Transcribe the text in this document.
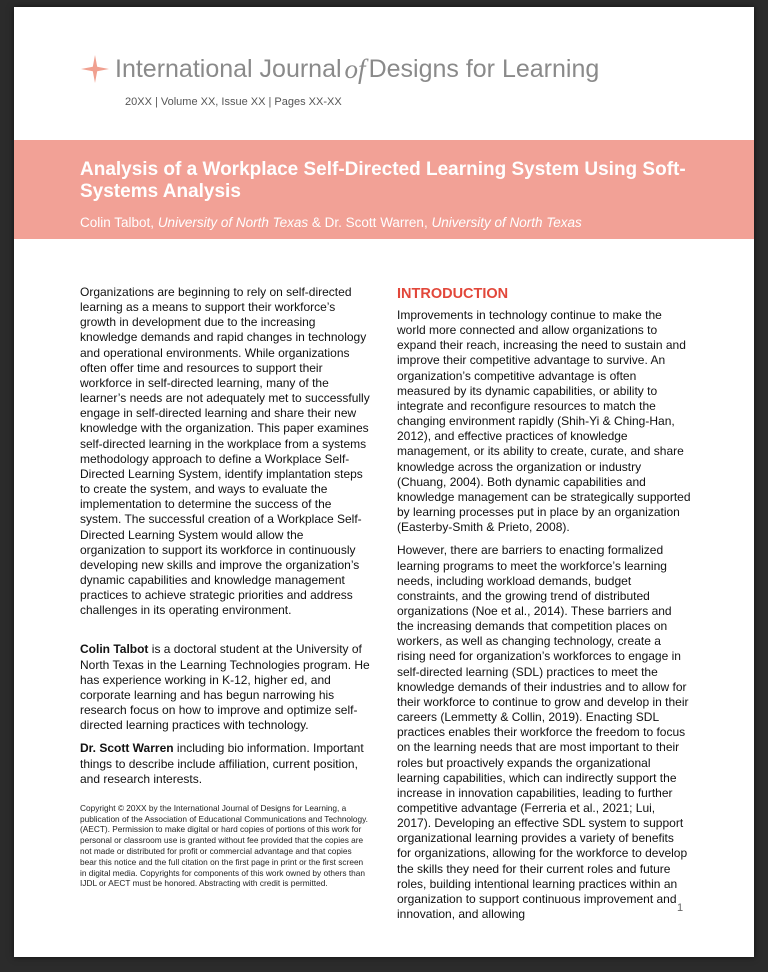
International Journal of Designs for Learning
20XX | Volume XX, Issue XX | Pages XX-XX
Analysis of a Workplace Self-Directed Learning System Using Soft-Systems Analysis
Colin Talbot, University of North Texas & Dr. Scott Warren, University of North Texas

Organizations are beginning to rely on self-directed learning as a means to support their workforce’s growth in development due to the increasing knowledge demands and rapid changes in technology and operational environments. While organizations often offer time and resources to support their workforce in self-directed learning, many of the learner’s needs are not adequately met to successfully engage in self-directed learning and share their new knowledge with the organization. This paper examines self-directed learning in the workplace from a systems methodology approach to define a Workplace Self-Directed Learning System, identify implantation steps to create the system, and ways to evaluate the implementation to determine the success of the system. The successful creation of a Workplace Self-Directed Learning System would allow the organization to support its workforce in continuously developing new skills and improve the organization’s dynamic capabilities and knowledge management practices to achieve strategic priorities and address challenges in its operating environment.

Colin Talbot is a doctoral student at the University of North Texas in the Learning Technologies program. He has experience working in K-12, higher ed, and corporate learning and has begun narrowing his research focus on how to improve and optimize self-directed learning practices with technology.

Dr. Scott Warren including bio information. Important things to describe include affiliation, current position, and research interests.

Copyright © 20XX by the International Journal of Designs for Learning, a publication of the Association of Educational Communications and Technology. (AECT). Permission to make digital or hard copies of portions of this work for personal or classroom use is granted without fee provided that the copies are not made or distributed for profit or commercial advantage and that copies bear this notice and the full citation on the first page in print or the first screen in digital media. Copyrights for components of this work owned by others than IJDL or AECT must be honored. Abstracting with credit is permitted.

INTRODUCTION

Improvements in technology continue to make the world more connected and allow organizations to expand their reach, increasing the need to sustain and improve their competitive advantage to survive. An organization’s competitive advantage is often measured by its dynamic capabilities, or ability to integrate and reconfigure resources to match the changing environment rapidly (Shih-Yi & Ching-Han, 2012), and effective practices of knowledge management, or its ability to create, curate, and share knowledge across the organization or industry (Chuang, 2004). Both dynamic capabilities and knowledge management can be strategically supported by learning processes put in place by an organization (Easterby-Smith & Prieto, 2008).

However, there are barriers to enacting formalized learning programs to meet the workforce’s learning needs, including workload demands, budget constraints, and the growing trend of distributed organizations (Noe et al., 2014). These barriers and the increasing demands that competition places on workers, as well as changing technology, create a rising need for organization’s workforces to engage in self-directed learning (SDL) practices to meet the knowledge demands of their industries and to allow for their workforce to continue to grow and develop in their careers (Lemmetty & Collin, 2019). Enacting SDL practices enables their workforce the freedom to focus on the learning needs that are most important to their roles but proactively expands the organizational learning capabilities, which can indirectly support the increase in innovation capabilities, leading to further competitive advantage (Ferreria et al., 2021; Lui, 2017). Developing an effective SDL system to support organizational learning provides a variety of benefits for organizations, allowing for the workforce to develop the skills they need for their current roles and future roles, building intentional learning practices within an organization to support continuous improvement and innovation, and allowing	1
